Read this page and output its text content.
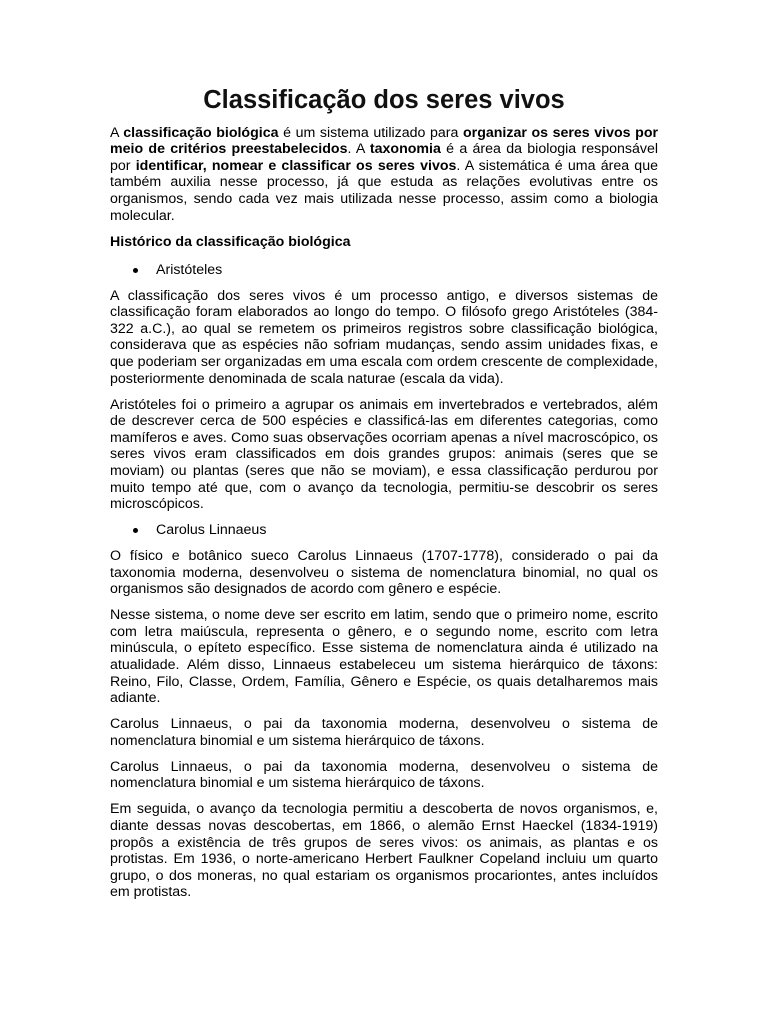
Classificação dos seres vivos

A classificação biológica é um sistema utilizado para organizar os seres vivos por meio de critérios preestabelecidos. A taxonomia é a área da biologia responsável por identificar, nomear e classificar os seres vivos. A sistemática é uma área que também auxilia nesse processo, já que estuda as relações evolutivas entre os organismos, sendo cada vez mais utilizada nesse processo, assim como a biologia molecular.

Histórico da classificação biológica

Aristóteles

A classificação dos seres vivos é um processo antigo, e diversos sistemas de classificação foram elaborados ao longo do tempo. O filósofo grego Aristóteles (384-322 a.C.), ao qual se remetem os primeiros registros sobre classificação biológica, considerava que as espécies não sofriam mudanças, sendo assim unidades fixas, e que poderiam ser organizadas em uma escala com ordem crescente de complexidade, posteriormente denominada de scala naturae (escala da vida).

Aristóteles foi o primeiro a agrupar os animais em invertebrados e vertebrados, além de descrever cerca de 500 espécies e classificá-las em diferentes categorias, como mamíferos e aves. Como suas observações ocorriam apenas a nível macroscópico, os seres vivos eram classificados em dois grandes grupos: animais (seres que se moviam) ou plantas (seres que não se moviam), e essa classificação perdurou por muito tempo até que, com o avanço da tecnologia, permitiu-se descobrir os seres microscópicos.

Carolus Linnaeus

O físico e botânico sueco Carolus Linnaeus (1707-1778), considerado o pai da taxonomia moderna, desenvolveu o sistema de nomenclatura binomial, no qual os organismos são designados de acordo com gênero e espécie.

Nesse sistema, o nome deve ser escrito em latim, sendo que o primeiro nome, escrito com letra maiúscula, representa o gênero, e o segundo nome, escrito com letra minúscula, o epíteto específico. Esse sistema de nomenclatura ainda é utilizado na atualidade. Além disso, Linnaeus estabeleceu um sistema hierárquico de táxons: Reino, Filo, Classe, Ordem, Família, Gênero e Espécie, os quais detalharemos mais adiante.

Carolus Linnaeus, o pai da taxonomia moderna, desenvolveu o sistema de nomenclatura binomial e um sistema hierárquico de táxons.

Carolus Linnaeus, o pai da taxonomia moderna, desenvolveu o sistema de nomenclatura binomial e um sistema hierárquico de táxons.

Em seguida, o avanço da tecnologia permitiu a descoberta de novos organismos, e, diante dessas novas descobertas, em 1866, o alemão Ernst Haeckel (1834-1919) propôs a existência de três grupos de seres vivos: os animais, as plantas e os protistas. Em 1936, o norte-americano Herbert Faulkner Copeland incluiu um quarto grupo, o dos moneras, no qual estariam os organismos procariontes, antes incluídos em protistas.
